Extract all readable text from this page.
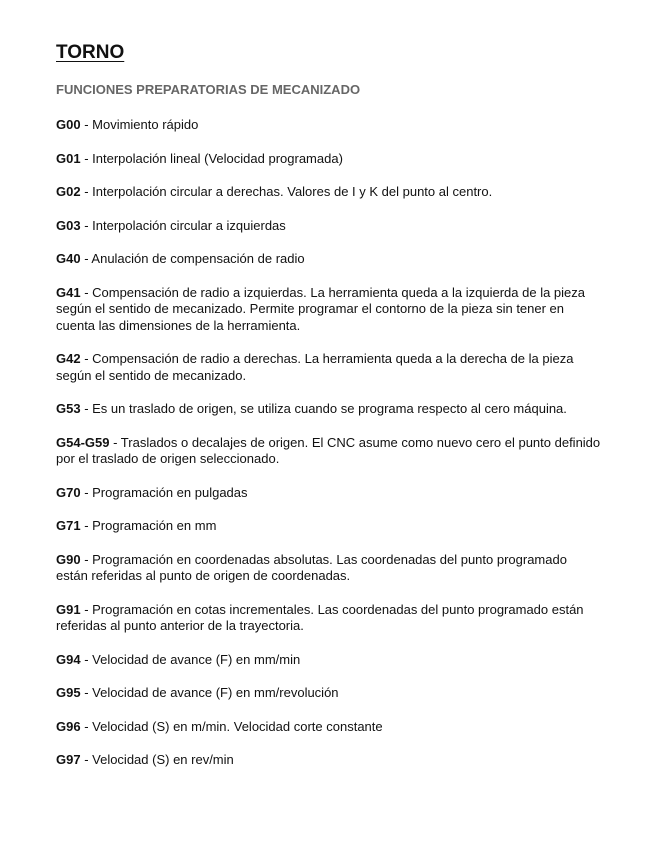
TORNO
FUNCIONES PREPARATORIAS DE MECANIZADO
G00 - Movimiento rápido
G01 - Interpolación lineal (Velocidad programada)
G02 - Interpolación circular a derechas. Valores de I y K del punto al centro.
G03 - Interpolación circular a izquierdas
G40 - Anulación de compensación de radio
G41 - Compensación de radio a izquierdas. La herramienta queda a la izquierda de la pieza según el sentido de mecanizado. Permite programar el contorno de la pieza sin tener en cuenta las dimensiones de la herramienta.
G42 - Compensación de radio a derechas. La herramienta queda a la derecha de la pieza según el sentido de mecanizado.
G53 - Es un traslado de origen, se utiliza cuando se programa respecto al cero máquina.
G54-G59 - Traslados o decalajes de origen. El CNC asume como nuevo cero el punto definido por el traslado de origen seleccionado.
G70 - Programación en pulgadas
G71 - Programación en mm
G90 - Programación en coordenadas absolutas. Las coordenadas del punto programado están referidas al punto de origen de coordenadas.
G91 - Programación en cotas incrementales. Las coordenadas del punto programado están referidas al punto anterior de la trayectoria.
G94 - Velocidad de avance (F) en mm/min
G95 - Velocidad de avance (F) en mm/revolución
G96 - Velocidad (S) en m/min. Velocidad corte constante
G97 - Velocidad (S) en rev/min
